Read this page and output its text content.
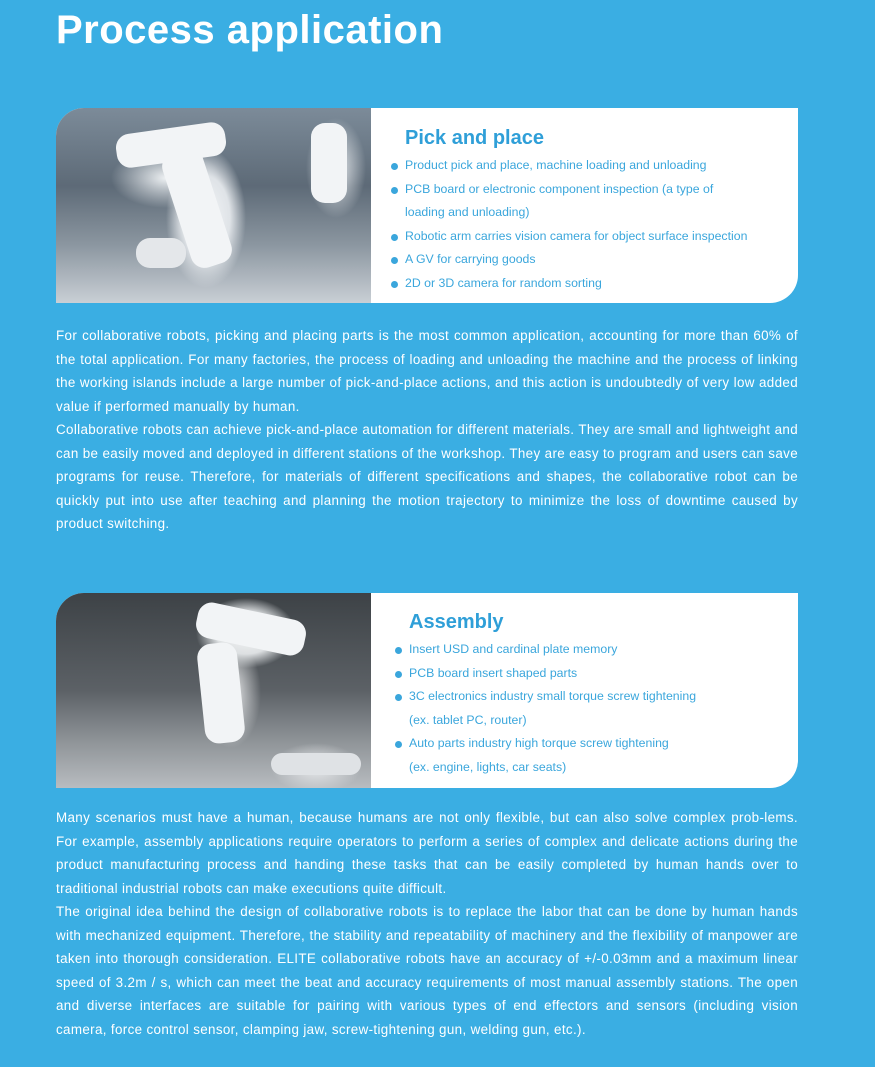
Process application
Pick and place
Product pick and place, machine loading and unloading
PCB board or electronic component inspection (a type of
loading and unloading)
Robotic arm carries vision camera for object surface inspection
A GV for carrying goods
2D or 3D camera for random sorting

For collaborative robots, picking and placing parts is the most common application, accounting for more than 60% of the total application. For many factories, the process of loading and unloading the machine and the process of linking the working islands include a large number of pick-and-place actions, and this action is undoubtedly of very low added value if performed manually by human.

Collaborative robots can achieve pick-and-place automation for different materials. They are small and lightweight and can be easily moved and deployed in different stations of the workshop. They are easy to program and users can save programs for reuse. Therefore, for materials of different specifications and shapes, the collaborative robot can be quickly put into use after teaching and planning the motion trajectory to minimize the loss of downtime caused by product switching.

Assembly
Insert USD and cardinal plate memory
PCB board insert shaped parts
3C electronics industry small torque screw tightening
(ex. tablet PC, router)
Auto parts industry high torque screw tightening
(ex. engine, lights, car seats)

Many scenarios must have a human, because humans are not only flexible, but can also solve complex prob-lems. For example, assembly applications require operators to perform a series of complex and delicate actions during the product manufacturing process and handing these tasks that can be easily completed by human hands over to traditional industrial robots can make executions quite difficult.

The original idea behind the design of collaborative robots is to replace the labor that can be done by human hands with mechanized equipment. Therefore, the stability and repeatability of machinery and the flexibility of manpower are taken into thorough consideration. ELITE collaborative robots have an accuracy of +/-0.03mm and a maximum linear speed of 3.2m / s, which can meet the beat and accuracy requirements of most manual assembly stations. The open and diverse interfaces are suitable for pairing with various types of end effectors and sensors (including vision camera, force control sensor, clamping jaw, screw-tightening gun, welding gun, etc.).
